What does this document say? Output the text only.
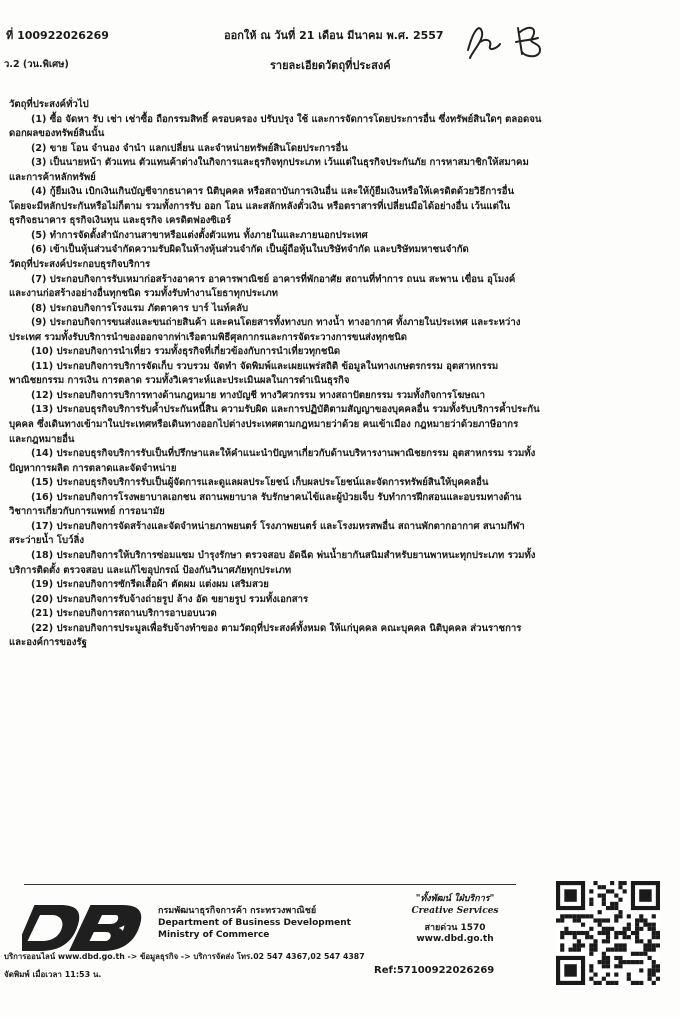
ที่ 100922026269	ออกให้ ณ วันที่ 21 เดือน มีนาคม พ.ศ. 2557
ว.2 (วน.พิเศษ)	รายละเอียดวัตถุที่ประสงค์

วัตถุที่ประสงค์ทั่วไป

(1) ซื้อ จัดหา รับ เช่า เช่าซื้อ ถือกรรมสิทธิ์ ครอบครอง ปรับปรุง ใช้ และการจัดการโดยประการอื่น ซึ่งทรัพย์สินใดๆ ตลอดจน

ดอกผลของทรัพย์สินนั้น

(2) ขาย โอน จำนอง จำนำ แลกเปลี่ยน และจำหน่ายทรัพย์สินโดยประการอื่น

(3) เป็นนายหน้า ตัวแทน ตัวแทนค้าต่างในกิจการและธุรกิจทุกประเภท เว้นแต่ในธุรกิจประกันภัย การหาสมาชิกให้สมาคม

และการค้าหลักทรัพย์

(4) กู้ยืมเงิน เบิกเงินเกินบัญชีจากธนาคาร นิติบุคคล หรือสถาบันการเงินอื่น และให้กู้ยืมเงินหรือให้เครดิตด้วยวิธีการอื่น

โดยจะมีหลักประกันหรือไม่ก็ตาม รวมทั้งการรับ ออก โอน และสลักหลังตั๋วเงิน หรือตราสารที่เปลี่ยนมือได้อย่างอื่น เว้นแต่ใน

ธุรกิจธนาคาร ธุรกิจเงินทุน และธุรกิจ เครดิตฟองซิเอร์

(5) ทำการจัดตั้งสำนักงานสาขาหรือแต่งตั้งตัวแทน ทั้งภายในและภายนอกประเทศ

(6) เข้าเป็นหุ้นส่วนจำกัดความรับผิดในห้างหุ้นส่วนจำกัด เป็นผู้ถือหุ้นในบริษัทจำกัด และบริษัทมหาชนจำกัด

วัตถุที่ประสงค์ประกอบธุรกิจบริการ

(7) ประกอบกิจการรับเหมาก่อสร้างอาคาร อาคารพาณิชย์ อาคารที่พักอาศัย สถานที่ทำการ ถนน สะพาน เขื่อน อุโมงค์

และงานก่อสร้างอย่างอื่นทุกชนิด รวมทั้งรับทำงานโยธาทุกประเภท

(8) ประกอบกิจการโรงแรม ภัตตาคาร บาร์ ไนท์คลับ

(9) ประกอบกิจการขนส่งและขนถ่ายสินค้า และคนโดยสารทั้งทางบก ทางน้ำ ทางอากาศ ทั้งภายในประเทศ และระหว่าง

ประเทศ รวมทั้งรับบริการนำของออกจากท่าเรือตามพิธีศุลกากรและการจัดระวางการขนส่งทุกชนิด

(10) ประกอบกิจการนำเที่ยว รวมทั้งธุรกิจที่เกี่ยวข้องกับการนำเที่ยวทุกชนิด

(11) ประกอบกิจการบริการจัดเก็บ รวบรวม จัดทำ จัดพิมพ์และเผยแพร่สถิติ ข้อมูลในทางเกษตรกรรม อุตสาหกรรม

พาณิชยกรรม การเงิน การตลาด รวมทั้งวิเคราะห์และประเมินผลในการดำเนินธุรกิจ

(12) ประกอบกิจการบริการทางด้านกฎหมาย ทางบัญชี ทางวิศวกรรม ทางสถาปัตยกรรม รวมทั้งกิจการโฆษณา

(13) ประกอบธุรกิจบริการรับค้ำประกันหนี้สิน ความรับผิด และการปฏิบัติตามสัญญาของบุคคลอื่น รวมทั้งรับบริการค้ำประกัน

บุคคล ซึ่งเดินทางเข้ามาในประเทศหรือเดินทางออกไปต่างประเทศตามกฎหมายว่าด้วย คนเข้าเมือง กฎหมายว่าด้วยภาษีอากร

และกฎหมายอื่น

(14) ประกอบธุรกิจบริการรับเป็นที่ปรึกษาและให้คำแนะนำปัญหาเกี่ยวกับด้านบริหารงานพาณิชยกรรม อุตสาหกรรม รวมทั้ง

ปัญหาการผลิต การตลาดและจัดจำหน่าย

(15) ประกอบธุรกิจบริการรับเป็นผู้จัดการและดูแลผลประโยชน์ เก็บผลประโยชน์และจัดการทรัพย์สินให้บุคคลอื่น

(16) ประกอบกิจการโรงพยาบาลเอกชน สถานพยาบาล รับรักษาคนไข้และผู้ป่วยเจ็บ รับทำการฝึกสอนและอบรมทางด้าน

วิชาการเกี่ยวกับการแพทย์ การอนามัย

(17) ประกอบกิจการจัดสร้างและจัดจำหน่ายภาพยนตร์ โรงภาพยนตร์ และโรงมหรสพอื่น สถานพักตากอากาศ สนามกีฬา

สระว่ายน้ำ โบว์ลิ่ง

(18) ประกอบกิจการให้บริการซ่อมแซม บำรุงรักษา ตรวจสอบ อัดฉีด พ่นน้ำยากันสนิมสำหรับยานพาหนะทุกประเภท รวมทั้ง

บริการติดตั้ง ตรวจสอบ และแก้ไขอุปกรณ์ ป้องกันวินาศภัยทุกประเภท

(19) ประกอบกิจการซักรีดเสื้อผ้า ตัดผม แต่งผม เสริมสวย

(20) ประกอบกิจการรับจ้างถ่ายรูป ล้าง อัด ขยายรูป รวมทั้งเอกสาร

(21) ประกอบกิจการสถานบริการอาบอบนวด

(22) ประกอบกิจการประมูลเพื่อรับจ้างทำของ ตามวัตถุที่ประสงค์ทั้งหมด ให้แก่บุคคล คณะบุคคล นิติบุคคล ส่วนราชการ

และองค์การของรัฐ

DBD
กรมพัฒนาธุรกิจการค้า กระทรวงพาณิชย์
Department of Business Development
Ministry of Commerce
"ทั้งพัฒน์ ใฝ่บริการ"
Creative Services
สายด่วน 1570 www.dbd.go.th
บริการออนไลน์ www.dbd.go.th -> ข้อมูลธุรกิจ -> บริการจัดส่ง โทร.02 547 4367,02 547 4387
จัดพิมพ์ เมื่อเวลา 11:53 น.	Ref:57100922026269
